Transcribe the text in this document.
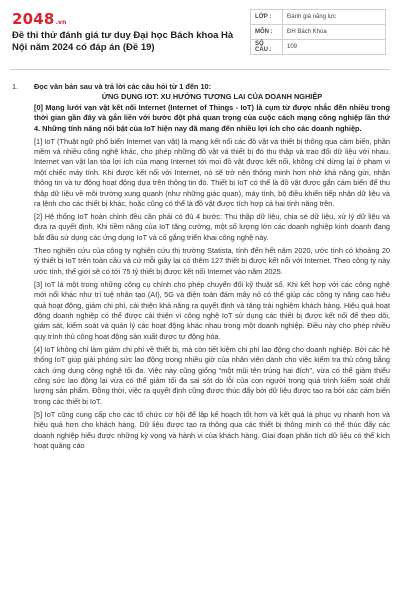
2048.vn
Đề thi thử đánh giá tư duy Đại học Bách khoa Hà Nội năm 2024 có đáp án (Đề 19)
LỚP :	Đánh giá năng lực
MÔN :	ĐH Bách Khoa
SỐ CÂU :	109
1.	Đọc văn bản sau và trả lời các câu hỏi từ 1 đến 10:
ỨNG DỤNG IOT: XU HƯỚNG TƯƠNG LAI CỦA DOANH NGHIỆP

[0] Mạng lưới vạn vật kết nối Internet (Internet of Things - IoT) là cụm từ được nhắc đến nhiều trong thời gian gần đây và gắn liền với bước đột phá quan trọng của cuộc cách mạng công nghiệp lần thứ 4. Những tính năng nổi bật của IoT hiện nay đã mang đến nhiều lợi ích cho các doanh nghiệp.

[1] IoT (Thuật ngữ phổ biến Internet vạn vật) là mạng kết nối các đồ vật và thiết bị thông qua cảm biến, phần mềm và nhiều công nghệ khác, cho phép những đồ vật và thiết bị đó thu thập và trao đổi dữ liệu với nhau. Internet vạn vật lan tỏa lợi ích của mạng Internet tới mọi đồ vật được kết nối, không chỉ dừng lại ở phạm vi một chiếc máy tính. Khi được kết nối với Internet, nó sẽ trở nên thông minh hơn nhờ khả năng gửi, nhận thông tin và tự động hoạt động dựa trên thông tin đó. Thiết bị IoT có thể là đồ vật được gắn cảm biến để thu thập dữ liệu về môi trường xung quanh (như những giác quan), máy tính, bộ điều khiển tiếp nhận dữ liệu và ra lệnh cho các thiết bị khác, hoặc cũng có thể là đồ vật được tích hợp cả hai tính năng trên.

[2] Hệ thống IoT hoàn chỉnh đều cần phải có đủ 4 bước: Thu thập dữ liệu, chia sẻ dữ liệu, xử lý dữ liệu và đưa ra quyết định. Khi tiềm năng của IoT tăng cường, một số lượng lớn các doanh nghiệp kinh doanh đang bắt đầu sử dụng các ứng dụng IoT và cố gắng triển khai công nghệ này.

Theo nghiên cứu của công ty nghiên cứu thị trường Statista, tính đến hết năm 2020, ước tính có khoảng 20 tỷ thiết bị IoT trên toàn cầu và cứ mỗi giây lại có thêm 127 thiết bị được kết nối với Internet. Theo công ty này ước tính, thế giới sẽ có tới 75 tỷ thiết bị được kết nối Internet vào năm 2025.

[3] IoT là một trong những công cụ chính cho phép chuyển đổi kỹ thuật số. Khi kết hợp với các công nghệ mới nổi khác như trí tuệ nhân tạo (AI), 5G và điện toán đám mây nó có thể giúp các công ty nâng cao hiệu quả hoạt động, giảm chi phí, cải thiện khả năng ra quyết định và tăng trải nghiệm khách hàng. Hiệu quả hoạt động doanh nghiệp có thể được cải thiện vì công nghệ IoT sử dụng các thiết bị được kết nối để theo dõi, giám sát, kiểm soát và quản lý các hoạt động khác nhau trong một doanh nghiệp. Điều này cho phép nhiều quy trình thủ công hoạt động sản xuất được tự động hóa.

[4] IoT không chỉ làm giảm chi phí về thiết bị, mà còn tiết kiệm chi phí lao động cho doanh nghiệp. Bởi các hệ thống IoT giúp giải phóng sức lao động trong nhiều giờ của nhân viên dành cho việc kiểm tra thủ công bằng cách ứng dụng công nghệ tối đa. Việc này cũng giống “một mũi tên trúng hai đích”, vừa có thể giảm thiểu công sức lao động lại vừa có thể giảm tối đa sai sót do lỗi của con người trong quá trình kiểm soát chất lượng sản phẩm. Đồng thời, việc ra quyết định cũng được thúc đẩy bởi dữ liệu được tạo ra bởi các cảm biến trong các thiết bị IoT.

[5] IoT cũng cung cấp cho các tổ chức cơ hội để lập kế hoạch tốt hơn và kết quả là phục vụ nhanh hơn và hiệu quả hơn cho khách hàng. Dữ liệu được tạo ra thông qua các thiết bị thông minh có thể thúc đẩy các doanh nghiệp hiểu được những kỳ vọng và hành vi của khách hàng. Giai đoạn phân tích dữ liệu có thể kích hoạt quảng cáo
